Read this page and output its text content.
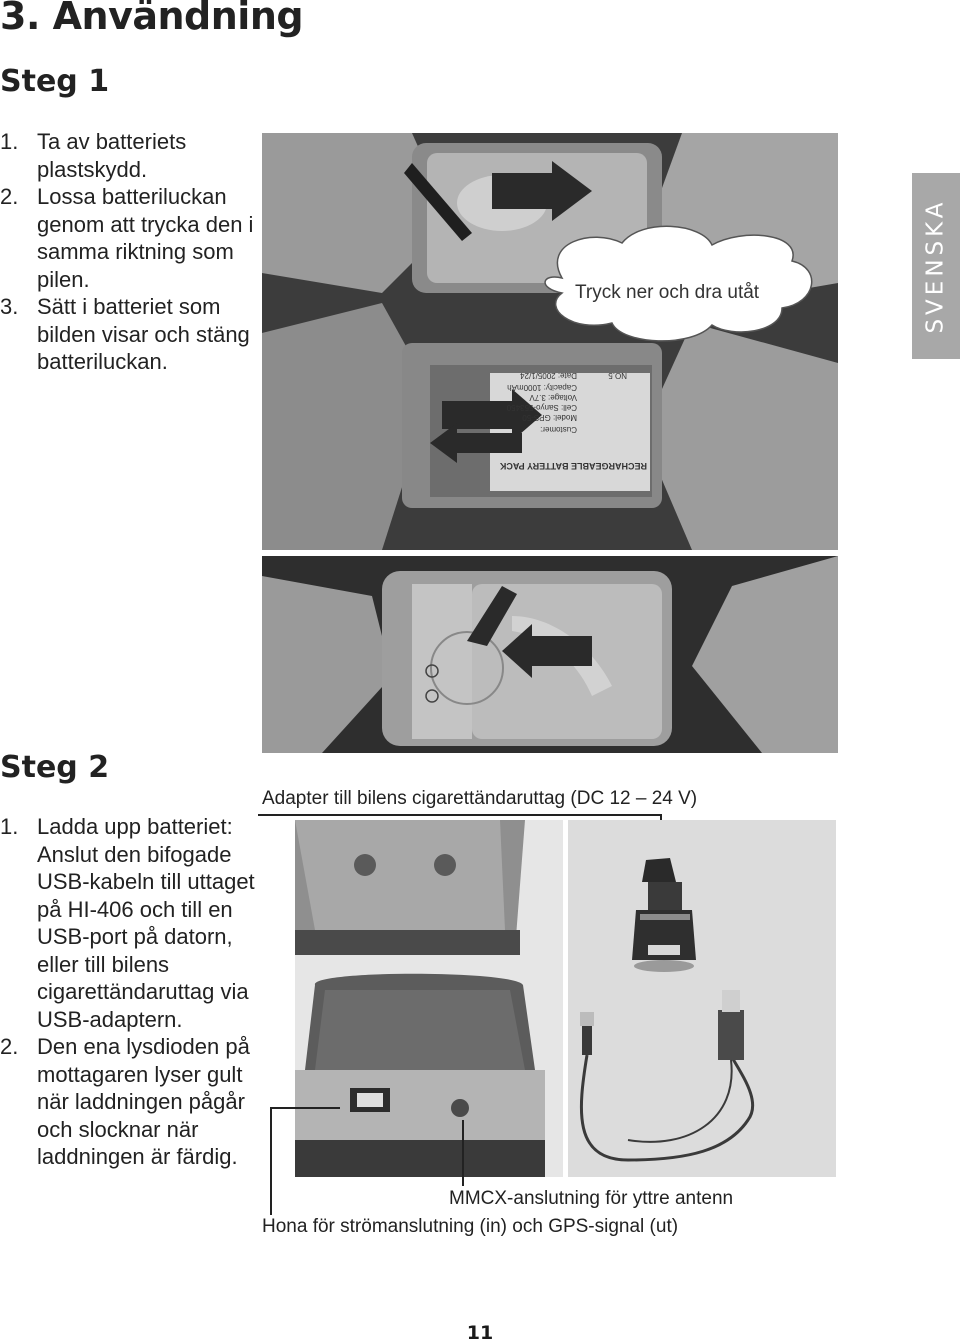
3. Användning
SVENSKA
Steg 1
1. Ta av batteriets plastskydd.
2. Lossa batteriluckan genom att trycka den i samma riktning som pilen.
3. Sätt i batteriet som bilden visar och stäng batteriluckan.
RECHARGEABLE BATTERY PACK
Customer:
Model: GPS-50
Cell: Sanyo-553450
Voltage: 3.7V
Capacity: 1000mAh
Date: 2005/1/24	NO.5
Tryck ner och dra utåt
Steg 2
1. Ladda upp batteriet: Anslut den bifogade USB-kabeln till uttaget på HI-406 och till en USB-port på datorn, eller till bilens cigarettändaruttag via USB-adaptern.
2. Den ena lysdioden på mottagaren lyser gult när laddningen pågår och slocknar när laddningen är färdig.
Adapter till bilens cigarettändaruttag (DC 12 – 24 V)
MMCX-anslutning för yttre antenn
Hona för strömanslutning (in) och GPS-signal (ut)
11
